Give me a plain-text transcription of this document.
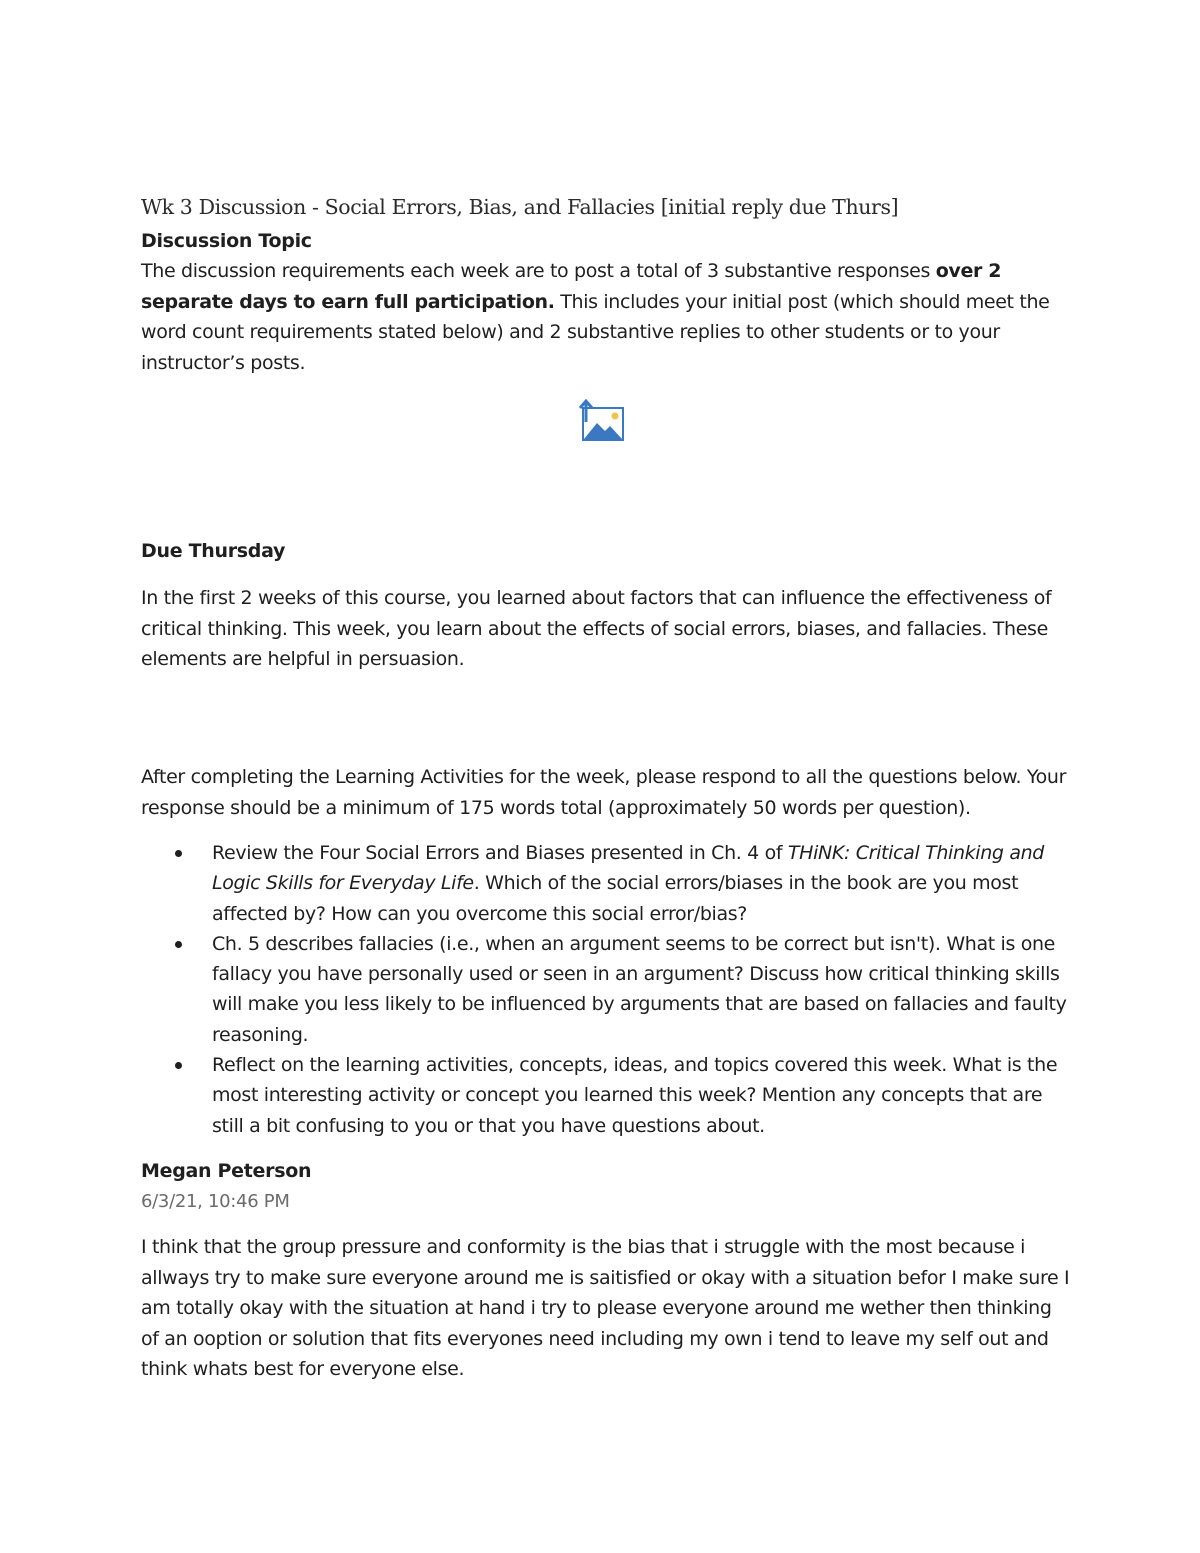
Wk 3 Discussion - Social Errors, Bias, and Fallacies [initial reply due Thurs]

Discussion Topic

The discussion requirements each week are to post a total of 3 substantive responses over 2 separate days to earn full participation. This includes your initial post (which should meet the word count requirements stated below) and 2 substantive replies to other students or to your instructor’s posts.

Due Thursday

In the first 2 weeks of this course, you learned about factors that can influence the effectiveness of critical thinking. This week, you learn about the effects of social errors, biases, and fallacies. These elements are helpful in persuasion.

After completing the Learning Activities for the week, please respond to all the questions below. Your response should be a minimum of 175 words total (approximately 50 words per question).

Review the Four Social Errors and Biases presented in Ch. 4 of THiNK: Critical Thinking and Logic Skills for Everyday Life. Which of the social errors/biases in the book are you most affected by? How can you overcome this social error/bias?
Ch. 5 describes fallacies (i.e., when an argument seems to be correct but isn't). What is one fallacy you have personally used or seen in an argument? Discuss how critical thinking skills will make you less likely to be influenced by arguments that are based on fallacies and faulty reasoning.
Reflect on the learning activities, concepts, ideas, and topics covered this week. What is the most interesting activity or concept you learned this week? Mention any concepts that are still a bit confusing to you or that you have questions about.

Megan Peterson

6/3/21, 10:46 PM

I think that the group pressure and conformity is the bias that i struggle with the most because i allways try to make sure everyone around me is saitisfied or okay with a situation befor I make sure I am totally okay with the situation at hand i try to please everyone around me wether then thinking of an ooption or solution that fits everyones need including my own i tend to leave my self out and think whats best for everyone else.
